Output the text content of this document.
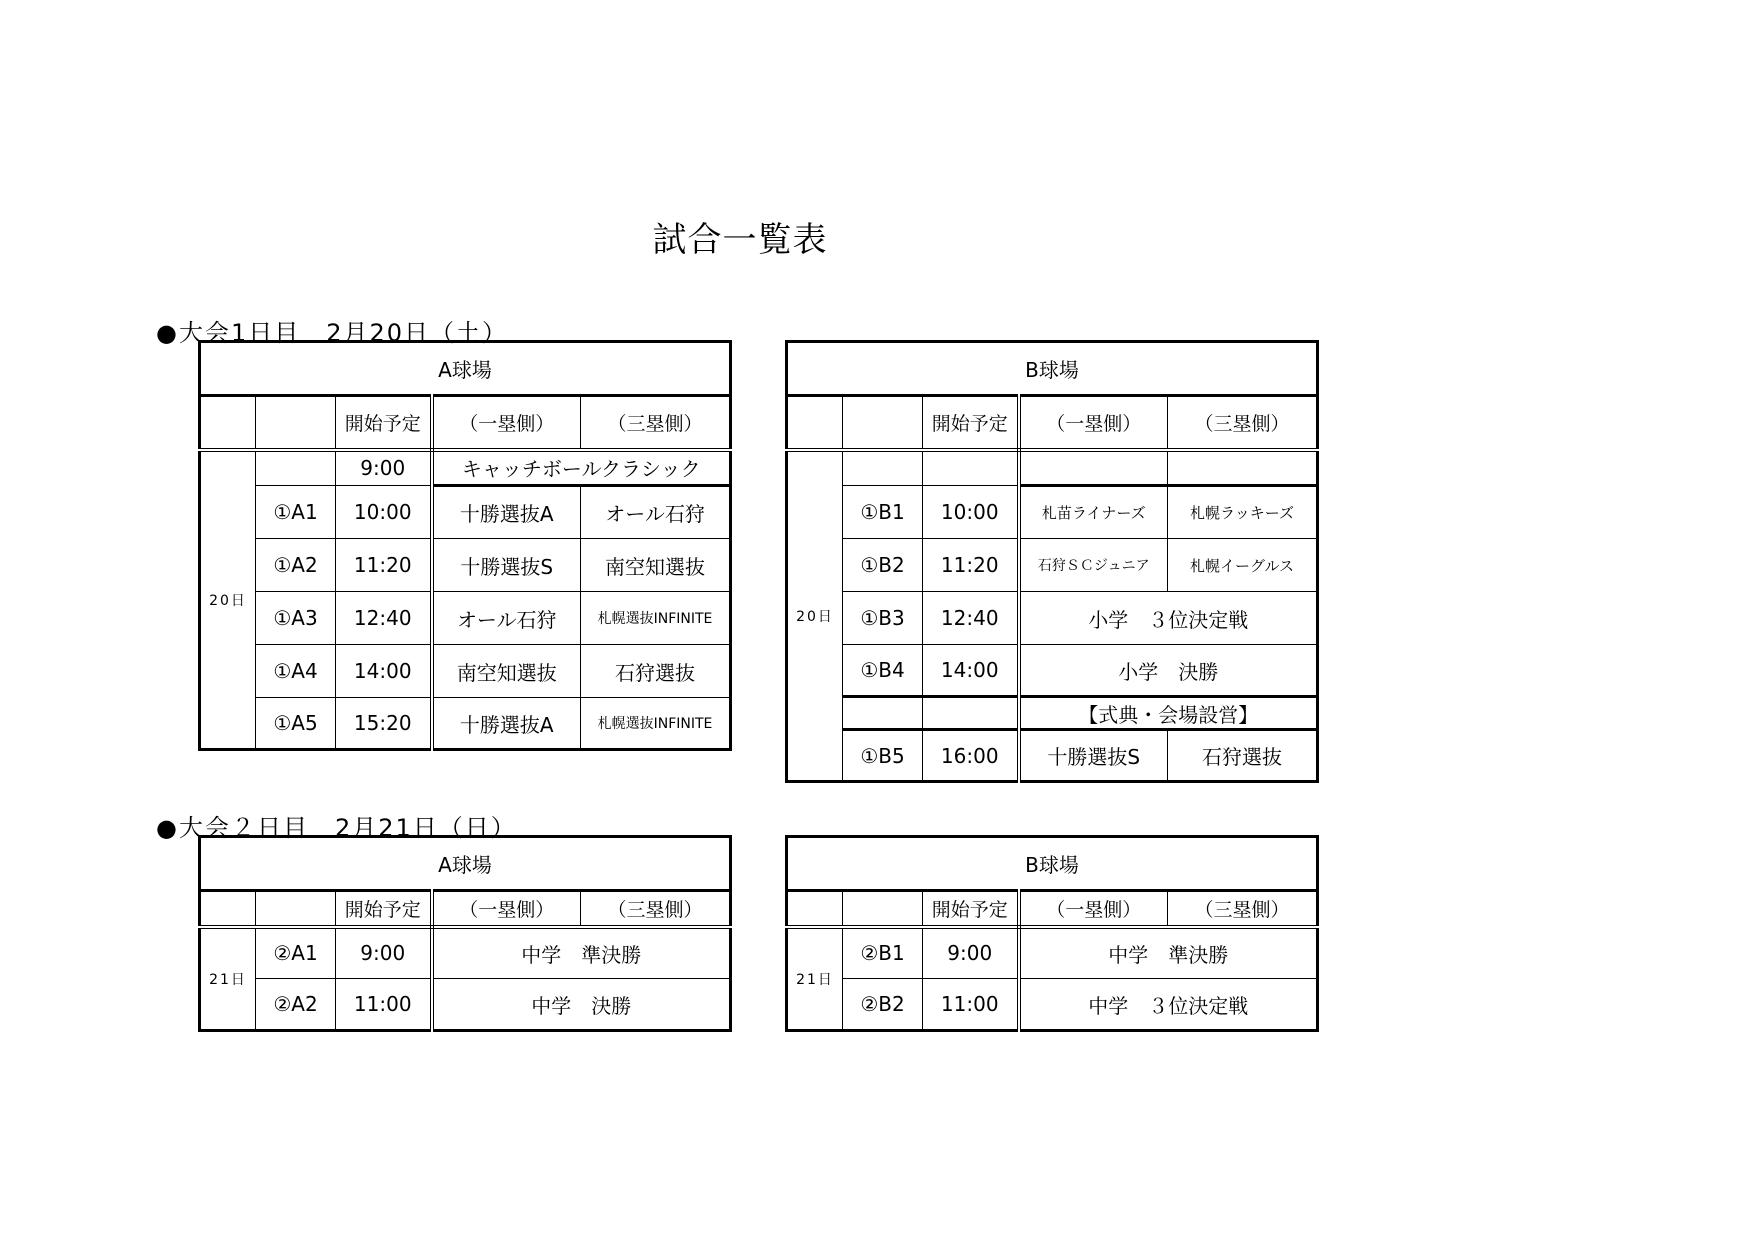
試合一覧表
●大会1日目　2月20日（土）
A球場				
		開始予定	（一塁側）	（三塁側）
20日		9:00	キャッチボールクラシック	
	①A1	10:00	十勝選抜A	オール石狩
	①A2	11:20	十勝選抜S	南空知選抜
	①A3	12:40	オール石狩	札幌選抜INFINITE
	①A4	14:00	南空知選抜	石狩選抜
	①A5	15:20	十勝選抜A	札幌選抜INFINITE
B球場				
		開始予定	（一塁側）	（三塁側）
20日				
	①B1	10:00	札苗ライナーズ	札幌ラッキーズ
	①B2	11:20	石狩ＳＣジュニア	札幌イーグルス
	①B3	12:40	小学　３位決定戦	
	①B4	14:00	小学　決勝	
			【式典・会場設営】	
	①B5	16:00	十勝選抜S	石狩選抜
●大会２日目　2月21日（日）
A球場				
		開始予定	（一塁側）	（三塁側）
21日	②A1	9:00	中学　準決勝	
	②A2	11:00	中学　決勝	
B球場				
		開始予定	（一塁側）	（三塁側）
21日	②B1	9:00	中学　準決勝	
	②B2	11:00	中学　３位決定戦	
